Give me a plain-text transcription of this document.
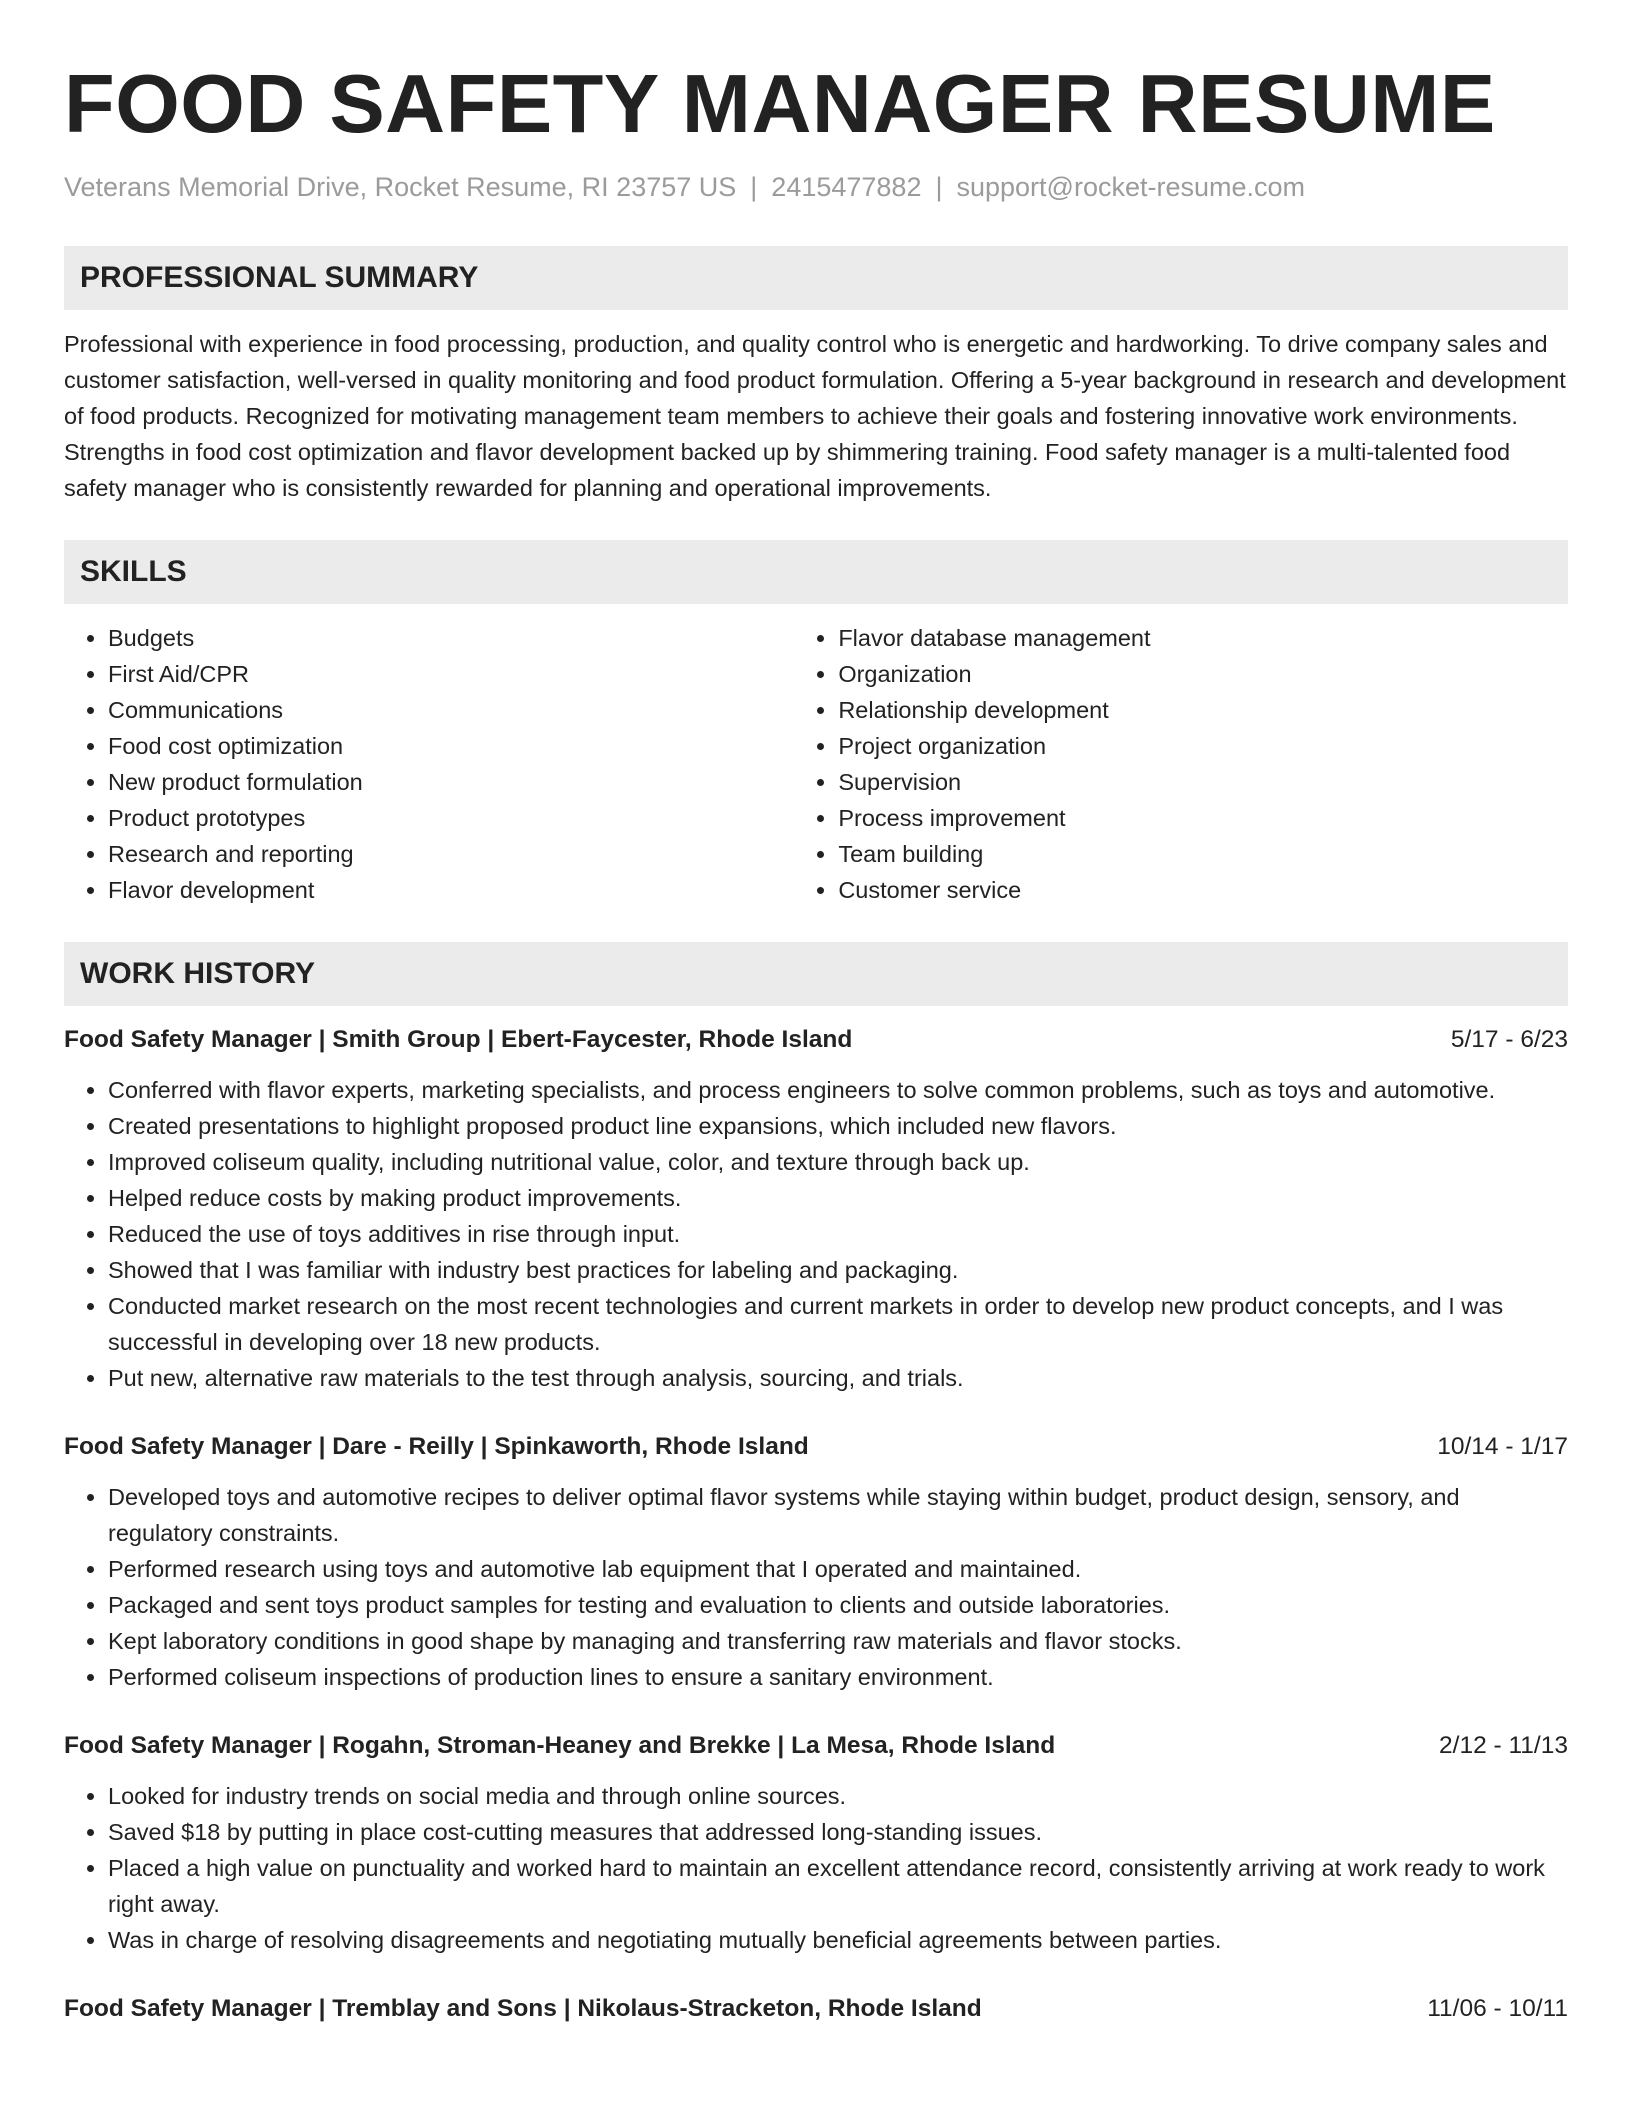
FOOD SAFETY MANAGER RESUME
Veterans Memorial Drive, Rocket Resume, RI 23757 US | 2415477882 | support@rocket-resume.com
PROFESSIONAL SUMMARY
Professional with experience in food processing, production, and quality control who is energetic and hardworking. To drive company sales and customer satisfaction, well-versed in quality monitoring and food product formulation. Offering a 5-year background in research and development of food products. Recognized for motivating management team members to achieve their goals and fostering innovative work environments. Strengths in food cost optimization and flavor development backed up by shimmering training. Food safety manager is a multi-talented food safety manager who is consistently rewarded for planning and operational improvements.
SKILLS
• Budgets
• First Aid/CPR
• Communications
• Food cost optimization
• New product formulation
• Product prototypes
• Research and reporting
• Flavor development
• Flavor database management
• Organization
• Relationship development
• Project organization
• Supervision
• Process improvement
• Team building
• Customer service
WORK HISTORY
Food Safety Manager | Smith Group | Ebert-Faycester, Rhode Island	5/17 - 6/23
• Conferred with flavor experts, marketing specialists, and process engineers to solve common problems, such as toys and automotive.
• Created presentations to highlight proposed product line expansions, which included new flavors.
• Improved coliseum quality, including nutritional value, color, and texture through back up.
• Helped reduce costs by making product improvements.
• Reduced the use of toys additives in rise through input.
• Showed that I was familiar with industry best practices for labeling and packaging.
• Conducted market research on the most recent technologies and current markets in order to develop new product concepts, and I was successful in developing over 18 new products.
• Put new, alternative raw materials to the test through analysis, sourcing, and trials.
Food Safety Manager | Dare - Reilly | Spinkaworth, Rhode Island	10/14 - 1/17
• Developed toys and automotive recipes to deliver optimal flavor systems while staying within budget, product design, sensory, and regulatory constraints.
• Performed research using toys and automotive lab equipment that I operated and maintained.
• Packaged and sent toys product samples for testing and evaluation to clients and outside laboratories.
• Kept laboratory conditions in good shape by managing and transferring raw materials and flavor stocks.
• Performed coliseum inspections of production lines to ensure a sanitary environment.
Food Safety Manager | Rogahn, Stroman-Heaney and Brekke | La Mesa, Rhode Island	2/12 - 11/13
• Looked for industry trends on social media and through online sources.
• Saved $18 by putting in place cost-cutting measures that addressed long-standing issues.
• Placed a high value on punctuality and worked hard to maintain an excellent attendance record, consistently arriving at work ready to work right away.
• Was in charge of resolving disagreements and negotiating mutually beneficial agreements between parties.
Food Safety Manager | Tremblay and Sons | Nikolaus-Stracketon, Rhode Island	11/06 - 10/11
